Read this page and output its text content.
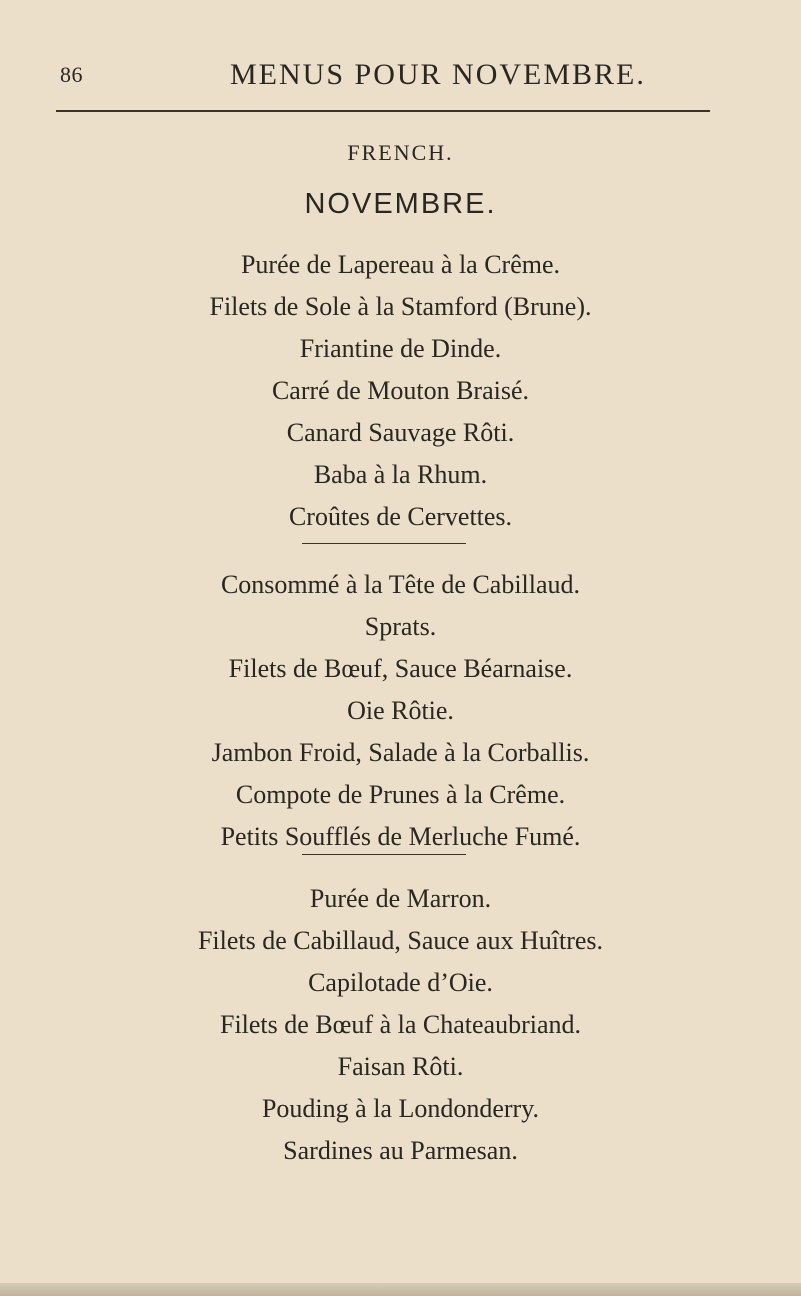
86	MENUS POUR NOVEMBRE.
FRENCH.
NOVEMBRE.
Purée de Lapereau à la Crême.
Filets de Sole à la Stamford (Brune).
Friantine de Dinde.
Carré de Mouton Braisé.
Canard Sauvage Rôti.
Baba à la Rhum.
Croûtes de Cervettes.
Consommé à la Tête de Cabillaud.
Sprats.
Filets de Bœuf, Sauce Béarnaise.
Oie Rôtie.
Jambon Froid, Salade à la Corballis.
Compote de Prunes à la Crême.
Petits Soufflés de Merluche Fumé.
Purée de Marron.
Filets de Cabillaud, Sauce aux Huîtres.
Capilotade d’Oie.
Filets de Bœuf à la Chateaubriand.
Faisan Rôti.
Pouding à la Londonderry.
Sardines au Parmesan.
